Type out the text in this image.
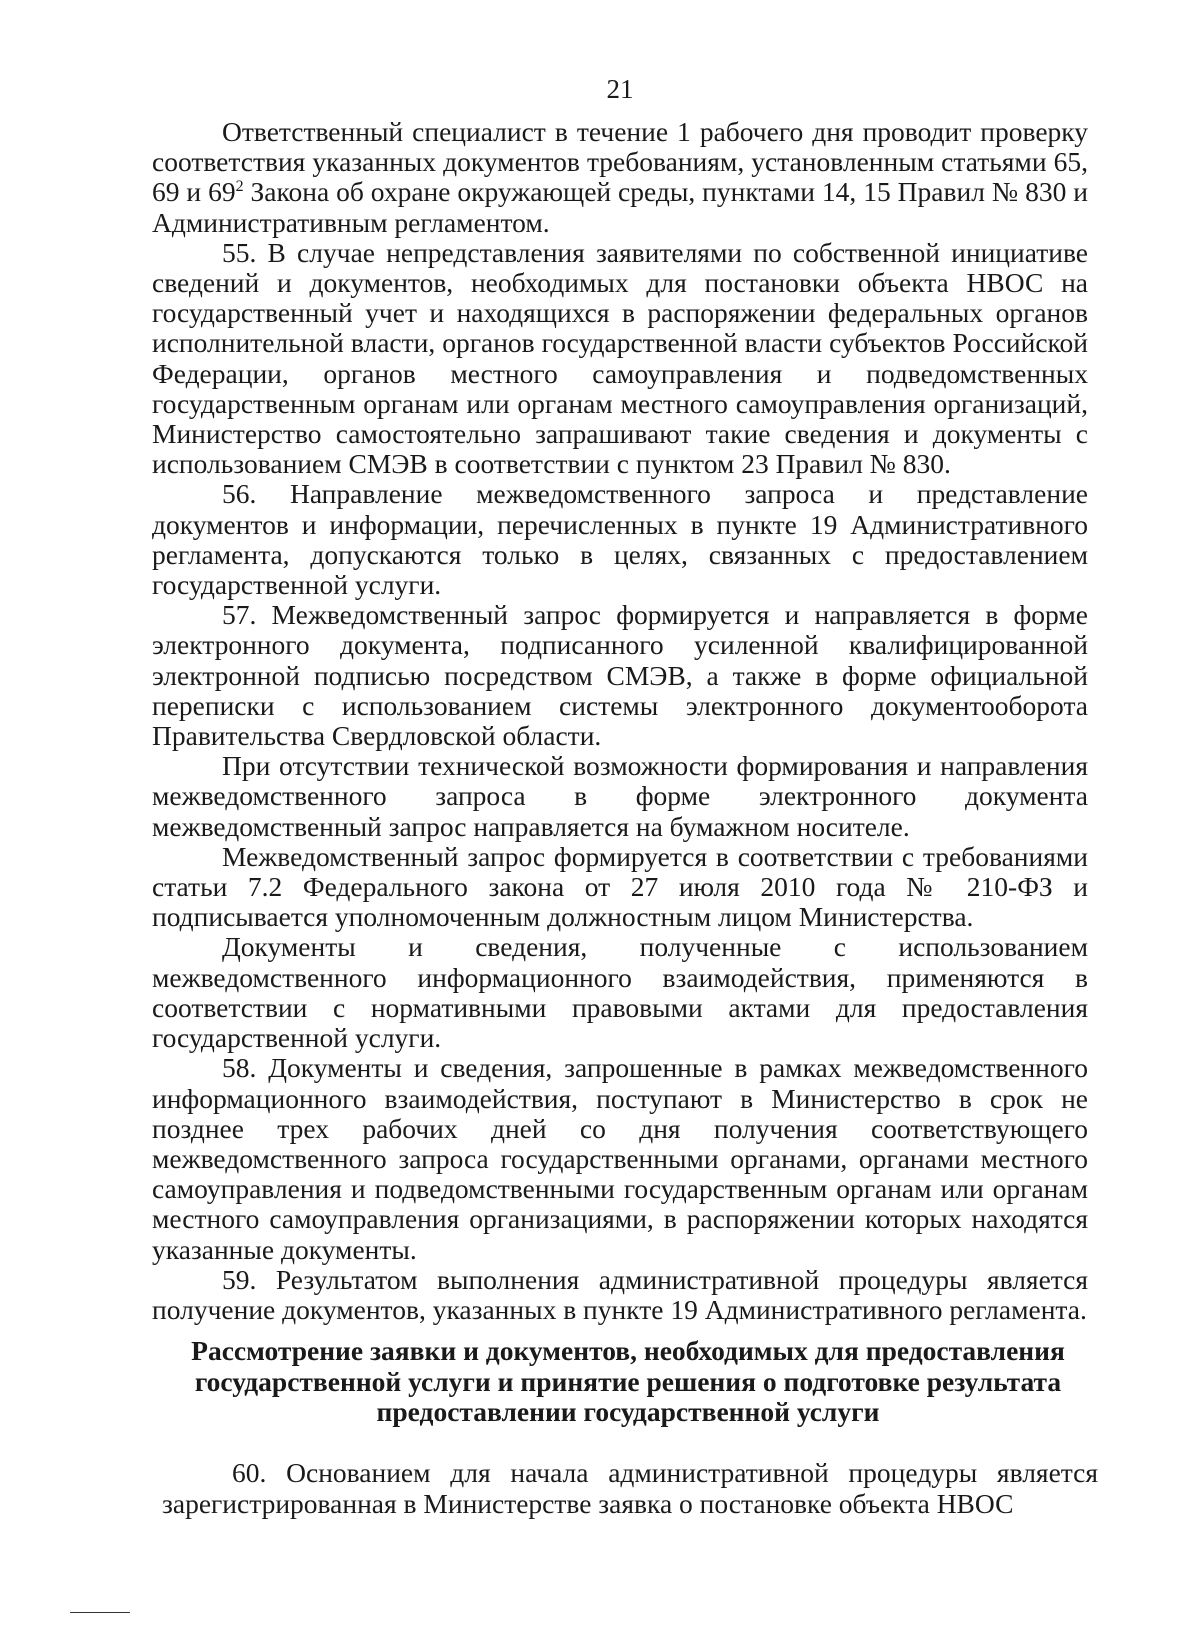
21

Ответственный специалист в течение 1 рабочего дня проводит проверку соответствия указанных документов требованиям, установленным статьями 65, 69 и $69^2$ Закона об охране окружающей среды, пунктами 14, 15 Правил № 830 и Административным регламентом.

55. В случае непредставления заявителями по собственной инициативе сведений и документов, необходимых для постановки объекта НВОС на государственный учет и находящихся в распоряжении федеральных органов исполнительной власти, органов государственной власти субъектов Российской Федерации, органов местного самоуправления и подведомственных государственным органам или органам местного самоуправления организаций, Министерство самостоятельно запрашивают такие сведения и документы с использованием СМЭВ в соответствии с пунктом 23 Правил № 830.

56. Направление межведомственного запроса и представление документов и информации, перечисленных в пункте 19 Административного регламента, допускаются только в целях, связанных с предоставлением государственной услуги.

57. Межведомственный запрос формируется и направляется в форме электронного документа, подписанного усиленной квалифицированной электронной подписью посредством СМЭВ, а также в форме официальной переписки с использованием системы электронного документооборота Правительства Свердловской области.

При отсутствии технической возможности формирования и направления межведомственного запроса в форме электронного документа межведомственный запрос направляется на бумажном носителе.

Межведомственный запрос формируется в соответствии с требованиями статьи 7.2 Федерального закона от 27 июля 2010 года № 210-ФЗ и подписывается уполномоченным должностным лицом Министерства.

Документы и сведения, полученные с использованием межведомственного информационного взаимодействия, применяются в соответствии с нормативными правовыми актами для предоставления государственной услуги.

58. Документы и сведения, запрошенные в рамках межведомственного информационного взаимодействия, поступают в Министерство в срок не позднее трех рабочих дней со дня получения соответствующего межведомственного запроса государственными органами, органами местного самоуправления и подведомственными государственным органам или органам местного самоуправления организациями, в распоряжении которых находятся указанные документы.

59. Результатом выполнения административной процедуры является получение документов, указанных в пункте 19 Административного регламента.

Рассмотрение заявки и документов, необходимых для предоставления
государственной услуги и принятие решения о подготовке результата
предоставлении государственной услуги

60. Основанием для начала административной процедуры является зарегистрированная в Министерстве заявка о постановке объекта НВОС
